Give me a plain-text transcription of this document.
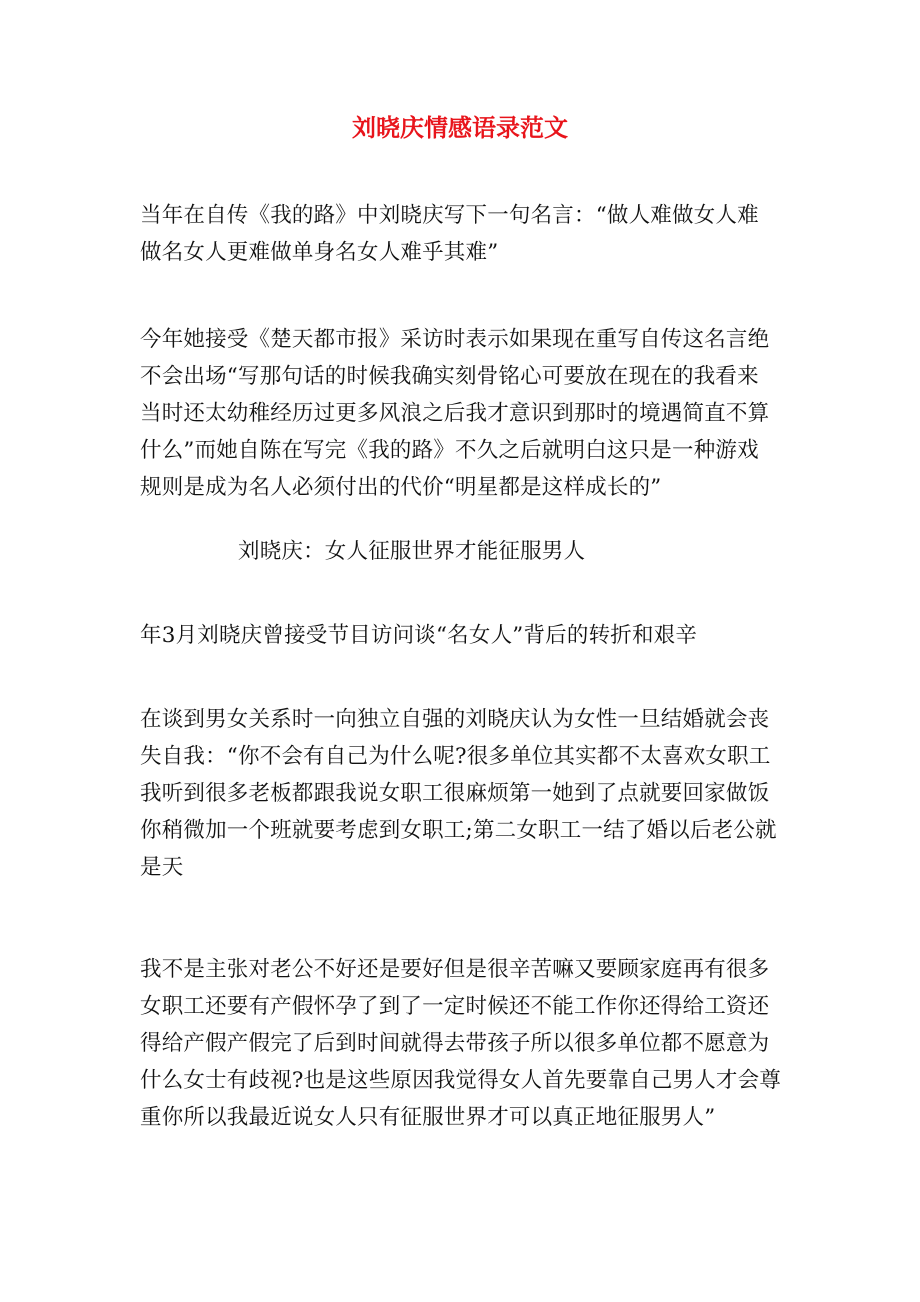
刘晓庆情感语录范文
当年在自传《我的路》中刘晓庆写下一句名言：“做人难做女人难
做名女人更难做单身名女人难乎其难”
今年她接受《楚天都市报》采访时表示如果现在重写自传这名言绝
不会出场“写那句话的时候我确实刻骨铭心可要放在现在的我看来
当时还太幼稚经历过更多风浪之后我才意识到那时的境遇简直不算
什么”而她自陈在写完《我的路》不久之后就明白这只是一种游戏
规则是成为名人必须付出的代价“明星都是这样成长的”
刘晓庆：女人征服世界才能征服男人
年3月刘晓庆曾接受节目访问谈“名女人”背后的转折和艰辛
在谈到男女关系时一向独立自强的刘晓庆认为女性一旦结婚就会丧
失自我：“你不会有自己为什么呢?很多单位其实都不太喜欢女职工
我听到很多老板都跟我说女职工很麻烦第一她到了点就要回家做饭
你稍微加一个班就要考虑到女职工;第二女职工一结了婚以后老公就
是天
我不是主张对老公不好还是要好但是很辛苦嘛又要顾家庭再有很多
女职工还要有产假怀孕了到了一定时候还不能工作你还得给工资还
得给产假产假完了后到时间就得去带孩子所以很多单位都不愿意为
什么女士有歧视?也是这些原因我觉得女人首先要靠自己男人才会尊
重你所以我最近说女人只有征服世界才可以真正地征服男人”
